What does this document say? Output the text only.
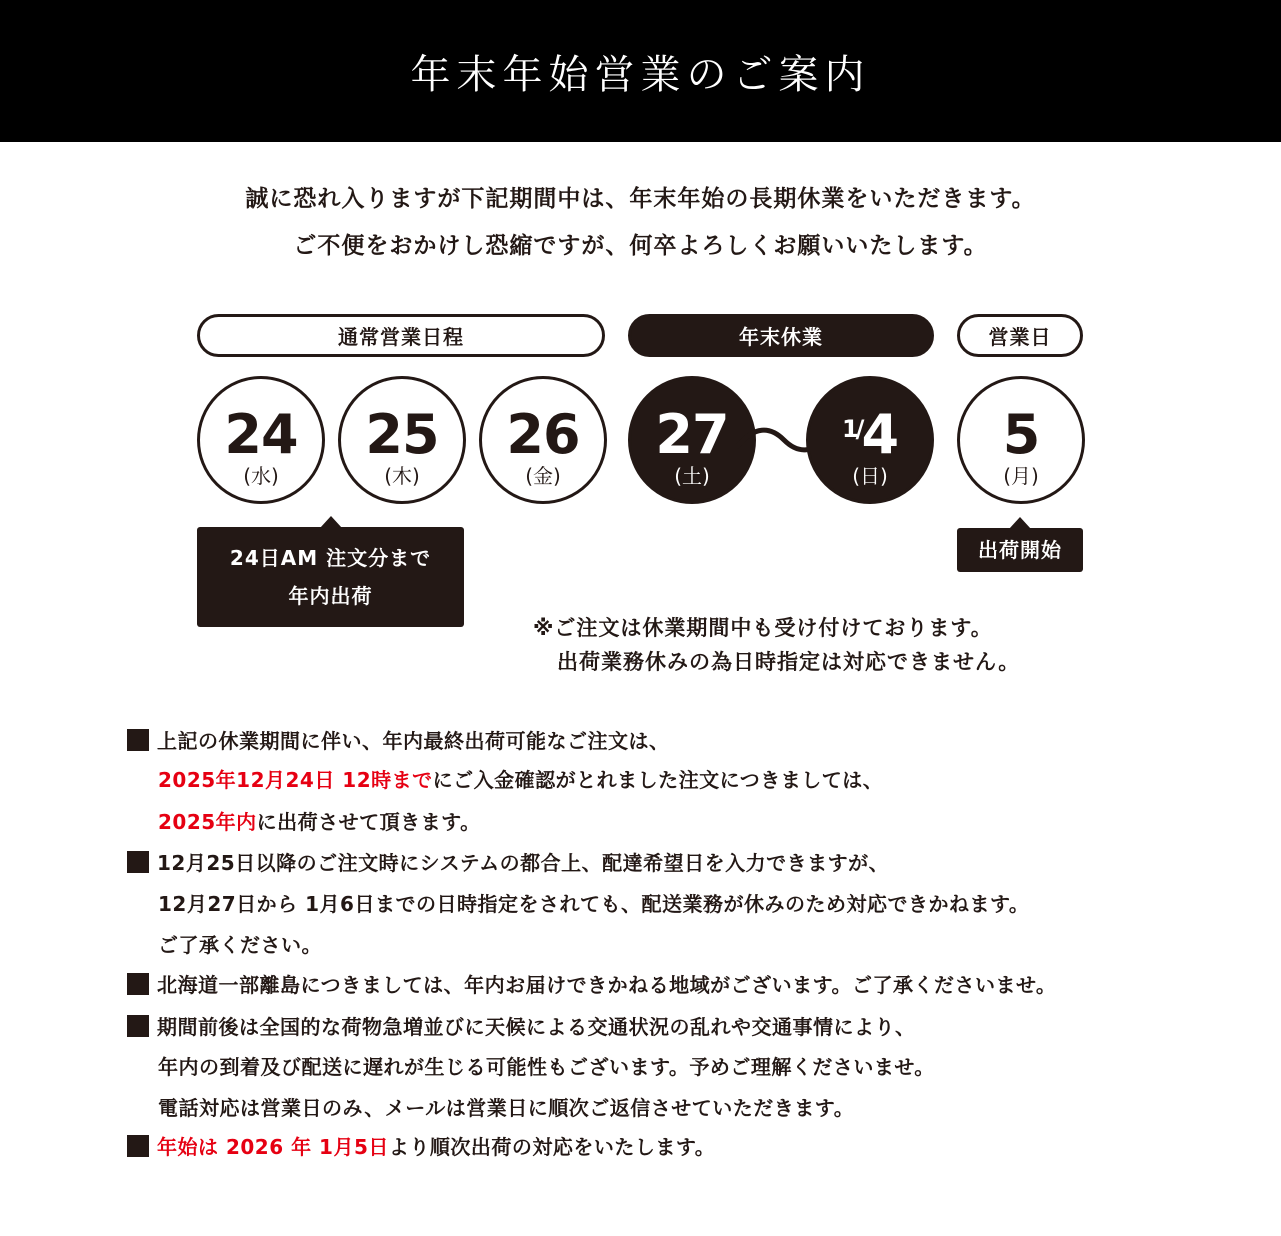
年末年始営業のご案内
誠に恐れ入りますが下記期間中は、年末年始の長期休業をいただきます。
ご不便をおかけし恐縮ですが、何卒よろしくお願いいたします。
通常営業日程	年末休業	営業日
24
(水)
25
(木)
26
(金)
27
(土)
$^{1/}$4
(日)
5
(月)
24日AM 注文分まで
年内出荷
出荷開始
※ご注文は休業期間中も受け付けております。
出荷業務休みの為日時指定は対応できません。
上記の休業期間に伴い、年内最終出荷可能なご注文は、
2025年12月24日 12時までにご入金確認がとれました注文につきましては、
2025年内に出荷させて頂きます。
12月25日以降のご注文時にシステムの都合上、配達希望日を入力できますが、
12月27日から 1月6日までの日時指定をされても、配送業務が休みのため対応できかねます。
ご了承ください。
北海道一部離島につきましては、年内お届けできかねる地域がございます。ご了承くださいませ。
期間前後は全国的な荷物急増並びに天候による交通状況の乱れや交通事情により、
年内の到着及び配送に遅れが生じる可能性もございます。予めご理解くださいませ。
電話対応は営業日のみ、メールは営業日に順次ご返信させていただきます。
年始は 2026 年 1月5日より順次出荷の対応をいたします。
